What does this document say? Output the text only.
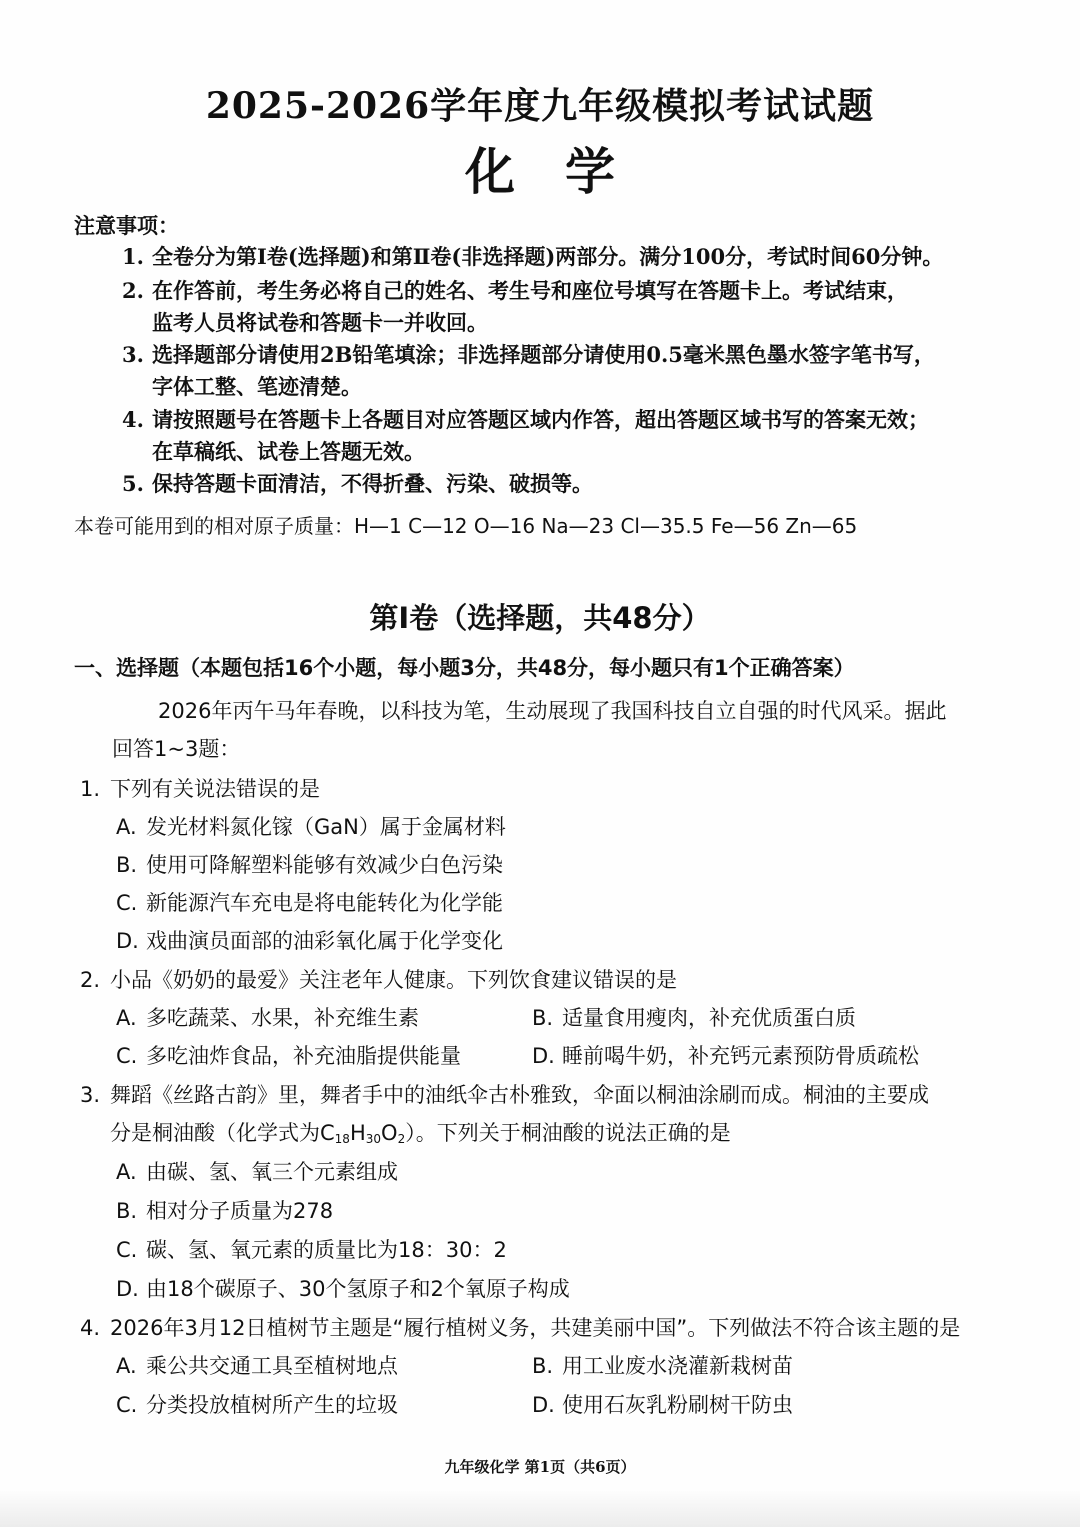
2025-2026学年度九年级模拟考试试题
化学
注意事项：
1. 全卷分为第Ⅰ卷(选择题)和第Ⅱ卷(非选择题)两部分。满分100分，考试时间60分钟。
2. 在作答前，考生务必将自己的姓名、考生号和座位号填写在答题卡上。考试结束，
监考人员将试卷和答题卡一并收回。
3. 选择题部分请使用2B铅笔填涂；非选择题部分请使用0.5毫米黑色墨水签字笔书写，
字体工整、笔迹清楚。
4. 请按照题号在答题卡上各题目对应答题区域内作答，超出答题区域书写的答案无效；
在草稿纸、试卷上答题无效。
5. 保持答题卡面清洁，不得折叠、污染、破损等。
本卷可能用到的相对原子质量：H—1 C—12 O—16 Na—23 Cl—35.5 Fe—56 Zn—65
第Ⅰ卷（选择题，共48分）
一、选择题（本题包括16个小题，每小题3分，共48分，每小题只有1个正确答案）
2026年丙午马年春晚，以科技为笔，生动展现了我国科技自立自强的时代风采。据此
回答1~3题：
1. 下列有关说法错误的是
A. 发光材料氮化镓（GaN）属于金属材料
B. 使用可降解塑料能够有效减少白色污染
C. 新能源汽车充电是将电能转化为化学能
D. 戏曲演员面部的油彩氧化属于化学变化
2. 小品《奶奶的最爱》关注老年人健康。下列饮食建议错误的是
A. 多吃蔬菜、水果，补充维生素	B. 适量食用瘦肉，补充优质蛋白质
C. 多吃油炸食品，补充油脂提供能量	D. 睡前喝牛奶，补充钙元素预防骨质疏松
3. 舞蹈《丝路古韵》里，舞者手中的油纸伞古朴雅致，伞面以桐油涂刷而成。桐油的主要成
分是桐油酸（化学式为$C_{18}H_{30}O_2$）。下列关于桐油酸的说法正确的是
A. 由碳、氢、氧三个元素组成
B. 相对分子质量为278
C. 碳、氢、氧元素的质量比为18：30：2
D. 由18个碳原子、30个氢原子和2个氧原子构成
4. 2026年3月12日植树节主题是“履行植树义务，共建美丽中国”。下列做法不符合该主题的是
A. 乘公共交通工具至植树地点	B. 用工业废水浇灌新栽树苗
C. 分类投放植树所产生的垃圾	D. 使用石灰乳粉刷树干防虫
九年级化学 第1页（共6页）
